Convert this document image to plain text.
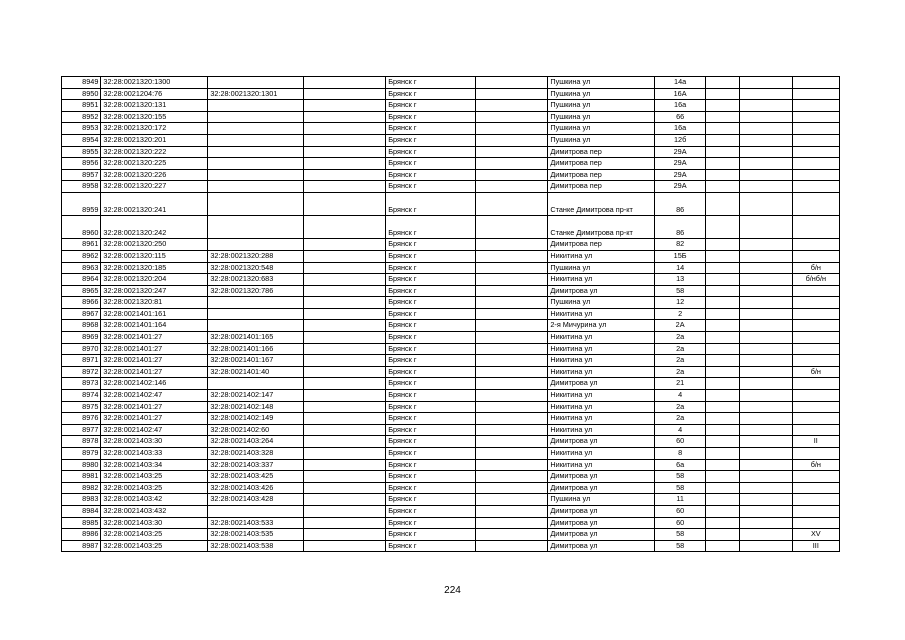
8949	32:28:0021320:1300			Брянск г		Пушкина ул	14а			
8950	32:28:0021204:76	32:28:0021320:1301		Брянск г		Пушкина ул	16А			
8951	32:28:0021320:131			Брянск г		Пушкина ул	16а			
8952	32:28:0021320:155			Брянск г		Пушкина ул	66			
8953	32:28:0021320:172			Брянск г		Пушкина ул	16а			
8954	32:28:0021320:201			Брянск г		Пушкина ул	12б			
8955	32:28:0021320:222			Брянск г		Димитрова пер	29А			
8956	32:28:0021320:225			Брянск г		Димитрова пер	29А			
8957	32:28:0021320:226			Брянск г		Димитрова пер	29А			
8958	32:28:0021320:227			Брянск г		Димитрова пер	29А			
8959	32:28:0021320:241			Брянск г		Станке Димитрова пр-кт	86			
8960	32:28:0021320:242			Брянск г		Станке Димитрова пр-кт	86			
8961	32:28:0021320:250			Брянск г		Димитрова пер	82			
8962	32:28:0021320:115	32:28:0021320:288		Брянск г		Никитина ул	15Б			
8963	32:28:0021320:185	32:28:0021320:548		Брянск г		Пушкина ул	14			б/н
8964	32:28:0021320:204	32:28:0021320:683		Брянск г		Никитина ул	13			б/нб/н
8965	32:28:0021320:247	32:28:0021320:786		Брянск г		Димитрова ул	58			
8966	32:28:0021320:81			Брянск г		Пушкина ул	12			
8967	32:28:0021401:161			Брянск г		Никитина ул	2			
8968	32:28:0021401:164			Брянск г		2-я Мичурина ул	2А			
8969	32:28:0021401:27	32:28:0021401:165		Брянск г		Никитина ул	2а			
8970	32:28:0021401:27	32:28:0021401:166		Брянск г		Никитина ул	2а			
8971	32:28:0021401:27	32:28:0021401:167		Брянск г		Никитина ул	2а			
8972	32:28:0021401:27	32:28:0021401:40		Брянск г		Никитина ул	2а			б/н
8973	32:28:0021402:146			Брянск г		Димитрова ул	21			
8974	32:28:0021402:47	32:28:0021402:147		Брянск г		Никитина ул	4			
8975	32:28:0021401:27	32:28:0021402:148		Брянск г		Никитина ул	2а			
8976	32:28:0021401:27	32:28:0021402:149		Брянск г		Никитина ул	2а			
8977	32:28:0021402:47	32:28:0021402:60		Брянск г		Никитина ул	4			
8978	32:28:0021403:30	32:28:0021403:264		Брянск г		Димитрова ул	60			II
8979	32:28:0021403:33	32:28:0021403:328		Брянск г		Никитина ул	8			
8980	32:28:0021403:34	32:28:0021403:337		Брянск г		Никитина ул	6а			б/н
8981	32:28:0021403:25	32:28:0021403:425		Брянск г		Димитрова ул	58			
8982	32:28:0021403:25	32:28:0021403:426		Брянск г		Димитрова ул	58			
8983	32:28:0021403:42	32:28:0021403:428		Брянск г		Пушкина ул	11			
8984	32:28:0021403:432			Брянск г		Димитрова ул	60			
8985	32:28:0021403:30	32:28:0021403:533		Брянск г		Димитрова ул	60			
8986	32:28:0021403:25	32:28:0021403:535		Брянск г		Димитрова ул	58			XV
8987	32:28:0021403:25	32:28:0021403:538		Брянск г		Димитрова ул	58			III
224
